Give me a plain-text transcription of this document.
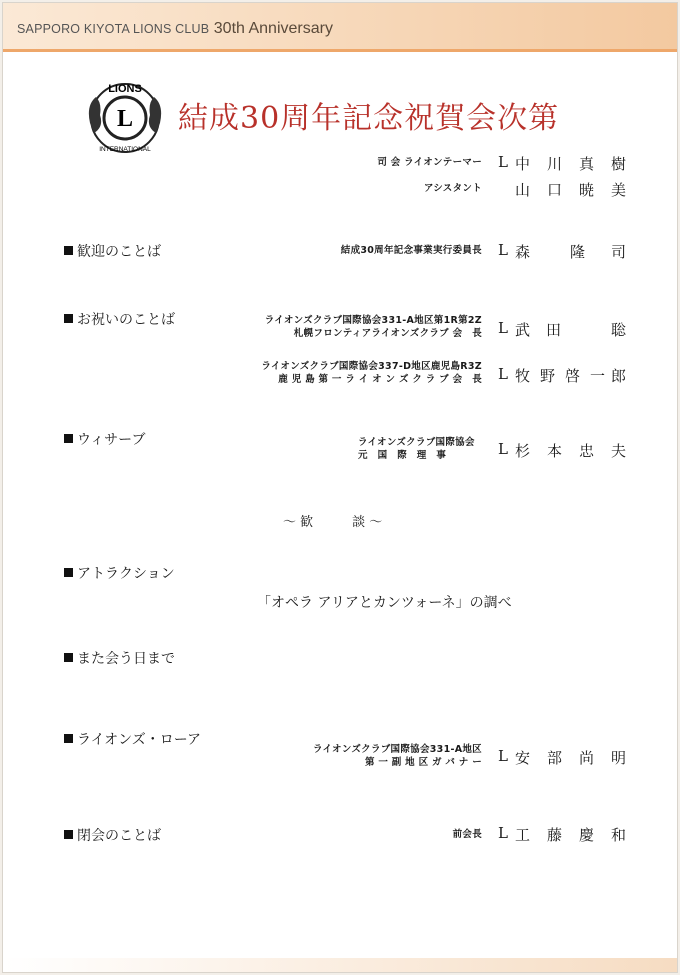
SAPPORO KIYOTA LIONS CLUB 30th Anniversary
LIONS
L
INTERNATIONAL
結成30周年記念祝賀会次第
司 会 ライオンテーマー L 中 川 真 樹
アシスタント 山 口 暁 美
歓迎のことば	結成30周年記念事業実行委員長 L 森	隆 司
お祝いのことば	ライオンズクラブ国際協会331-A地区第1R第2Z
札幌フロンティアライオンズクラブ 会　長 L 武 田	聡
ライオンズクラブ国際協会337-D地区鹿児島R3Z
鹿 児 島 第 一 ラ イ オ ン ズ ク ラ ブ 会　長 L 牧 野 啓 一 郎
ウィサーブ	ライオンズクラブ国際協会
元　国　際　理　事	L 杉 本 忠 夫
～ 歓　　　談 ～
アトラクション
「オペラ アリアとカンツォーネ」の調べ
また会う日まで
ライオンズ・ローア
ライオンズクラブ国際協会331-A地区
第 一 副 地 区 ガ バ ナ ー L 安 部 尚 明
閉会のことば	前会長 L 工 藤 慶 和
